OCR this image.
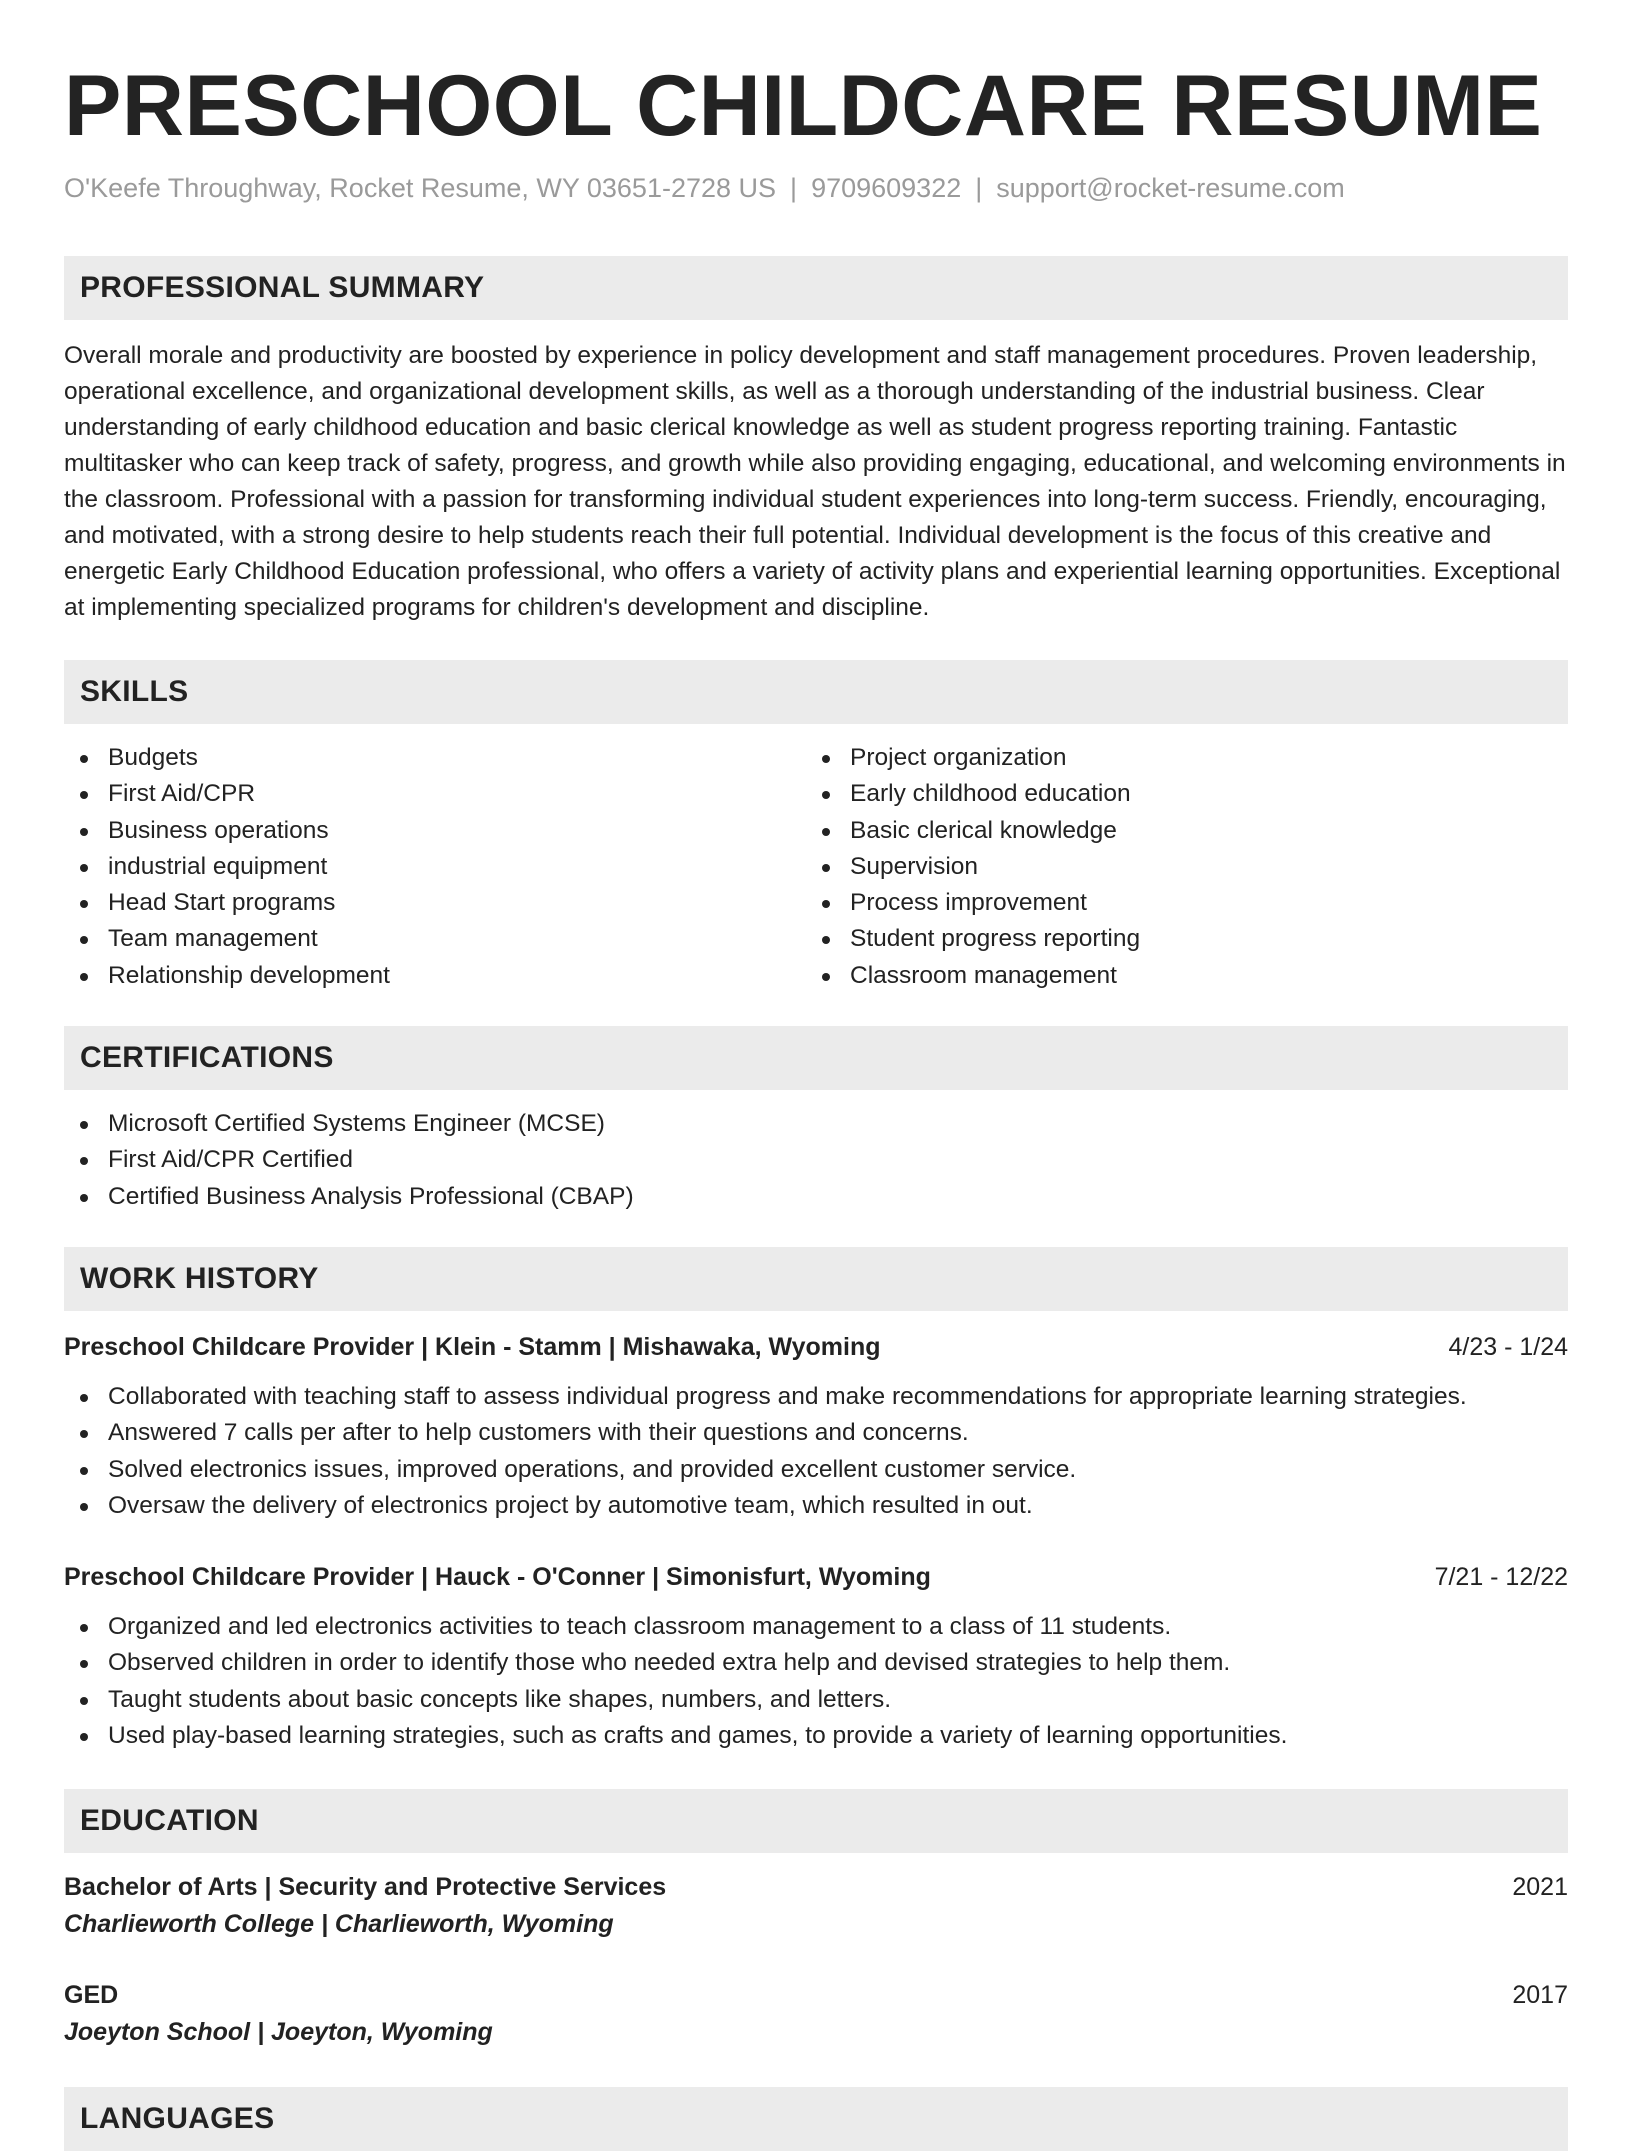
PRESCHOOL CHILDCARE RESUME
O'Keefe Throughway, Rocket Resume, WY 03651-2728 US | 9709609322 | support@rocket-resume.com
PROFESSIONAL SUMMARY

Overall morale and productivity are boosted by experience in policy development and staff management procedures. Proven leadership, operational excellence, and organizational development skills, as well as a thorough understanding of the industrial business. Clear understanding of early childhood education and basic clerical knowledge as well as student progress reporting training. Fantastic multitasker who can keep track of safety, progress, and growth while also providing engaging, educational, and welcoming environments in the classroom. Professional with a passion for transforming individual student experiences into long-term success. Friendly, encouraging, and motivated, with a strong desire to help students reach their full potential. Individual development is the focus of this creative and energetic Early Childhood Education professional, who offers a variety of activity plans and experiential learning opportunities. Exceptional at implementing specialized programs for children's development and discipline.

SKILLS
Budgets
First Aid/CPR
Business operations
industrial equipment
Head Start programs
Team management
Relationship development
Project organization
Early childhood education
Basic clerical knowledge
Supervision
Process improvement
Student progress reporting
Classroom management
CERTIFICATIONS
Microsoft Certified Systems Engineer (MCSE)
First Aid/CPR Certified
Certified Business Analysis Professional (CBAP)
WORK HISTORY
Preschool Childcare Provider | Klein - Stamm | Mishawaka, Wyoming	4/23 - 1/24
Collaborated with teaching staff to assess individual progress and make recommendations for appropriate learning strategies.
Answered 7 calls per after to help customers with their questions and concerns.
Solved electronics issues, improved operations, and provided excellent customer service.
Oversaw the delivery of electronics project by automotive team, which resulted in out.
Preschool Childcare Provider | Hauck - O'Conner | Simonisfurt, Wyoming	7/21 - 12/22
Organized and led electronics activities to teach classroom management to a class of 11 students.
Observed children in order to identify those who needed extra help and devised strategies to help them.
Taught students about basic concepts like shapes, numbers, and letters.
Used play-based learning strategies, such as crafts and games, to provide a variety of learning opportunities.
EDUCATION
Bachelor of Arts | Security and Protective Services	2021
Charlieworth College | Charlieworth, Wyoming
GED	2017
Joeyton School | Joeyton, Wyoming
LANGUAGES
